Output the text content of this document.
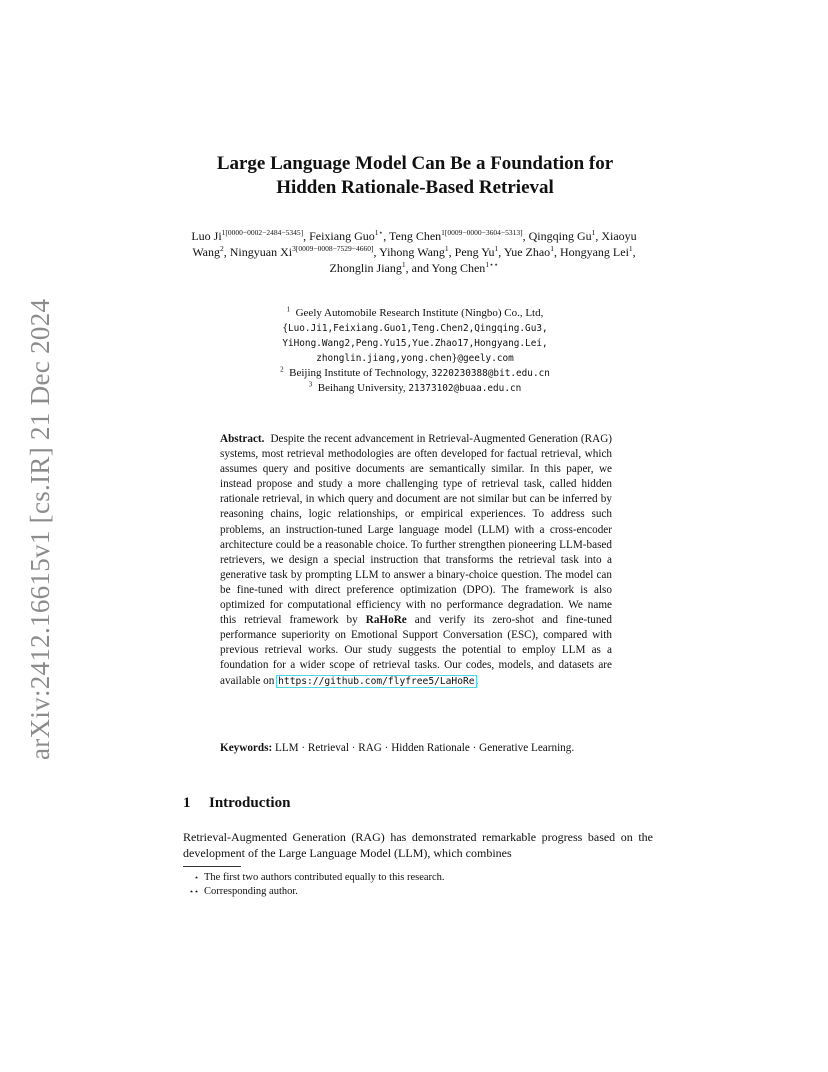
arXiv:2412.16615v1 [cs.IR] 21 Dec 2024
Large Language Model Can Be a Foundation for
Hidden Rationale-Based Retrieval
Luo $Ji^{1[0000-0002-2484-5345]}$, Feixiang Guo$^{1⋆}$, Teng Chen$^{1[0009-0000-3604-5313]}$, Qingqing Gu$^1$, Xiaoyu Wang$^2$, Ningyuan $Xi^{3[0009-0008-7529-4660]}$, Yihong Wang$^1$, Peng Yu$^1$, Yue Zhao$^1$, Hongyang Lei$^1$, Zhonglin Jiang$^1$, and Yong Chen$^{1⋆⋆}$
$^1$ Geely Automobile Research Institute (Ningbo) Co., Ltd,
{Luo.Ji1,Feixiang.Guo1,Teng.Chen2,Qingqing.Gu3,
YiHong.Wang2,Peng.Yu15,Yue.Zhao17,Hongyang.Lei,
zhonglin.jiang,yong.chen}@geely.com
$^2$ Beijing Institute of Technology, 3220230388@bit.edu.cn
$^3$ Beihang University, 21373102@buaa.edu.cn
Abstract. Despite the recent advancement in Retrieval-Augmented Generation (RAG) systems, most retrieval methodologies are often developed for factual retrieval, which assumes query and positive documents are semantically similar. In this paper, we instead propose and study a more challenging type of retrieval task, called hidden rationale retrieval, in which query and document are not similar but can be inferred by reasoning chains, logic relationships, or empirical experiences. To address such problems, an instruction-tuned Large language model (LLM) with a cross-encoder architecture could be a reasonable choice. To further strengthen pioneering LLM-based retrievers, we design a special instruction that transforms the retrieval task into a generative task by prompting LLM to answer a binary-choice question. The model can be fine-tuned with direct preference optimization (DPO). The framework is also optimized for computational efficiency with no performance degradation. We name this retrieval framework by RaHoRe and verify its zero-shot and fine-tuned performance superiority on Emotional Support Conversation (ESC), compared with previous retrieval works. Our study suggests the potential to employ LLM as a foundation for a wider scope of retrieval tasks. Our codes, models, and datasets are available on https://github.com/flyfree5/LaHoRe.
Keywords: LLM · Retrieval · RAG · Hidden Rationale · Generative Learning.
1 Introduction
Retrieval-Augmented Generation (RAG) has demonstrated remarkable progress based on the development of the Large Language Model (LLM), which combines
⋆ The first two authors contributed equally to this research.
⋆⋆ Corresponding author.
